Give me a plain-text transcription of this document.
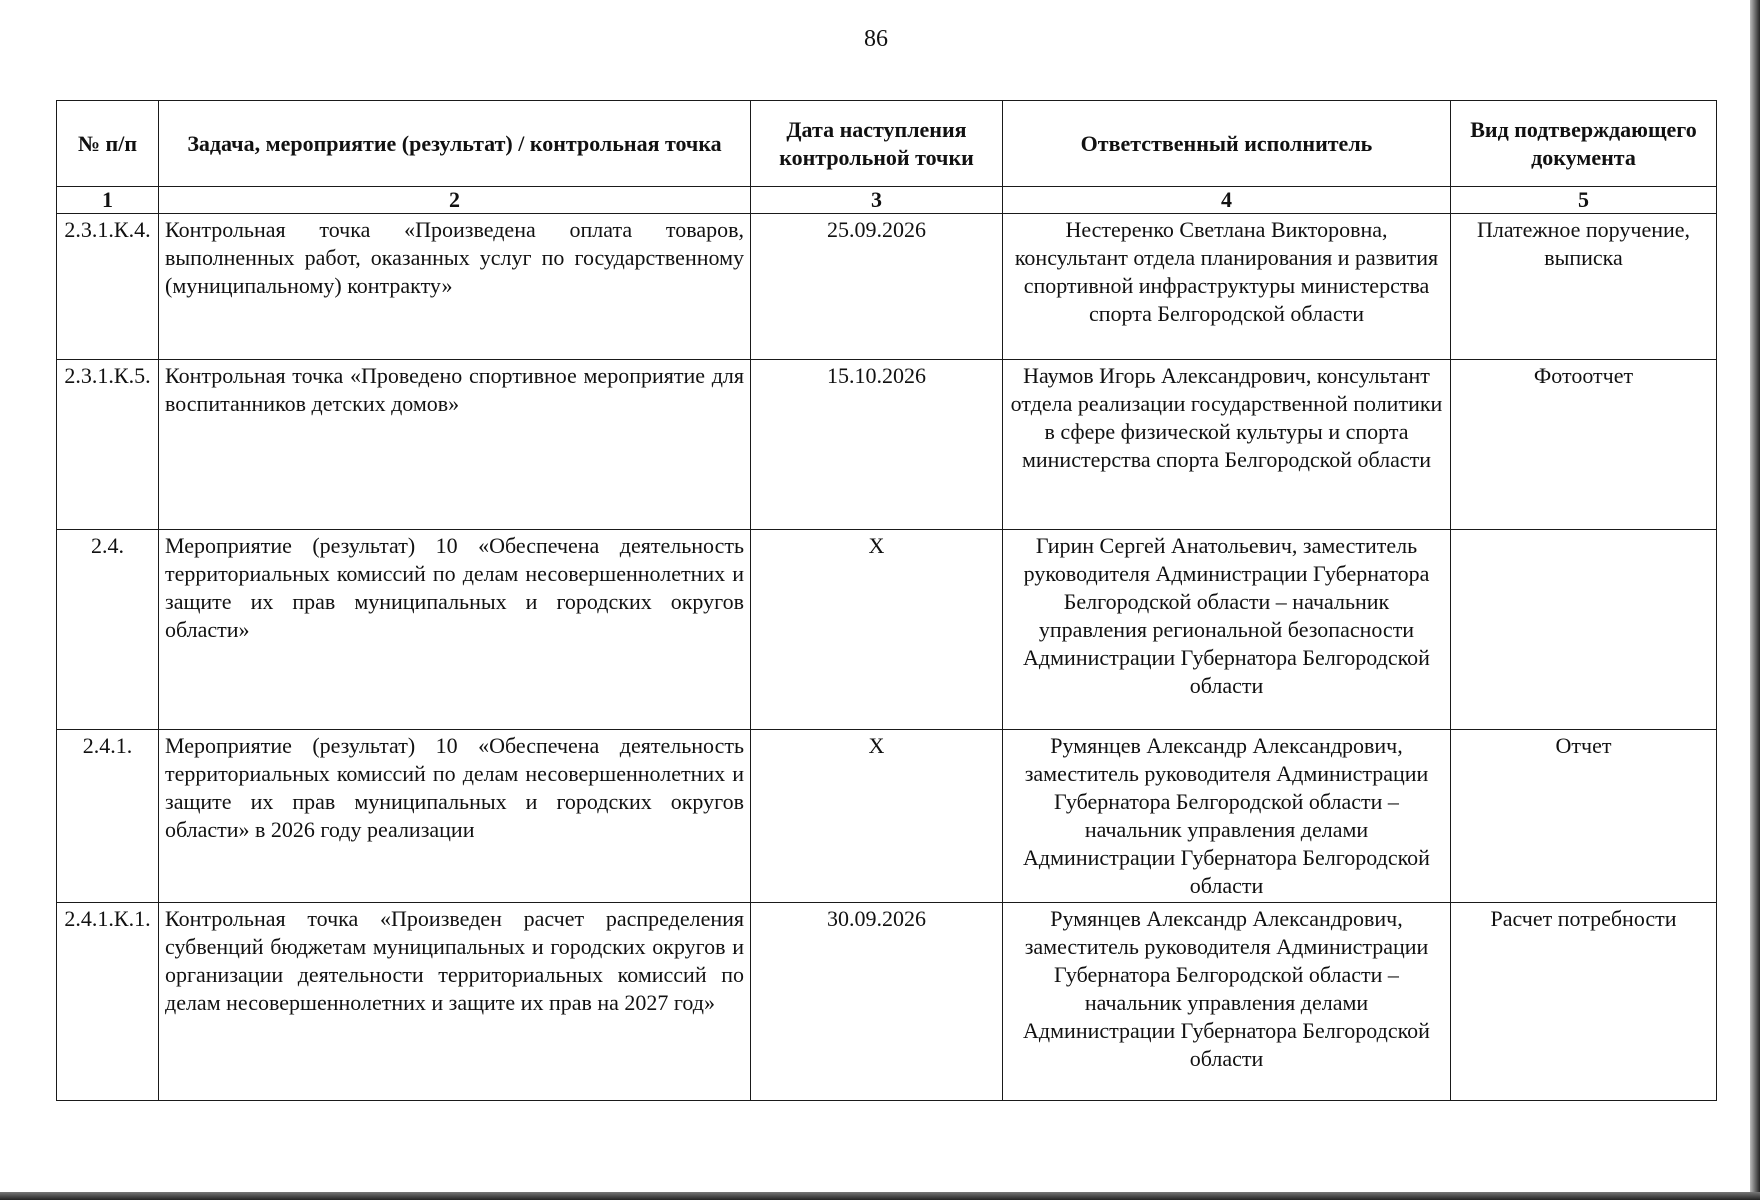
86
№ п/п	Задача, мероприятие (результат) / контрольная точка	Дата наступления контрольной точки	Ответственный исполнитель	Вид подтверждающего документа
1	2	3	4	5
2.3.1.К.4.	Контрольная точка «Произведена оплата товаров, выполненных работ, оказанных услуг по государственному (муниципальному) контракту»	25.09.2026	Нестеренко Светлана Викторовна, консультант отдела планирования и развития спортивной инфраструктуры министерства спорта Белгородской области	Платежное поручение, выписка
2.3.1.К.5.	Контрольная точка «Проведено спортивное мероприятие для воспитанников детских домов»	15.10.2026	Наумов Игорь Александрович, консультант отдела реализации государственной политики в сфере физической культуры и спорта министерства спорта Белгородской области	Фотоотчет
2.4.	Мероприятие (результат) 10 «Обеспечена деятельность территориальных комиссий по делам несовершеннолетних и защите их прав муниципальных и городских округов области»	Х	Гирин Сергей Анатольевич, заместитель руководителя Администрации Губернатора Белгородской области – начальник управления региональной безопасности Администрации Губернатора Белгородской области	
2.4.1.	Мероприятие (результат) 10 «Обеспечена деятельность территориальных комиссий по делам несовершеннолетних и защите их прав муниципальных и городских округов области» в 2026 году реализации	Х	Румянцев Александр Александрович, заместитель руководителя Администрации Губернатора Белгородской области – начальник управления делами Администрации Губернатора Белгородской области	Отчет
2.4.1.К.1.	Контрольная точка «Произведен расчет распределения субвенций бюджетам муниципальных и городских округов и организации деятельности территориальных комиссий по делам несовершеннолетних и защите их прав на 2027 год»	30.09.2026	Румянцев Александр Александрович, заместитель руководителя Администрации Губернатора Белгородской области – начальник управления делами Администрации Губернатора Белгородской области	Расчет потребности
